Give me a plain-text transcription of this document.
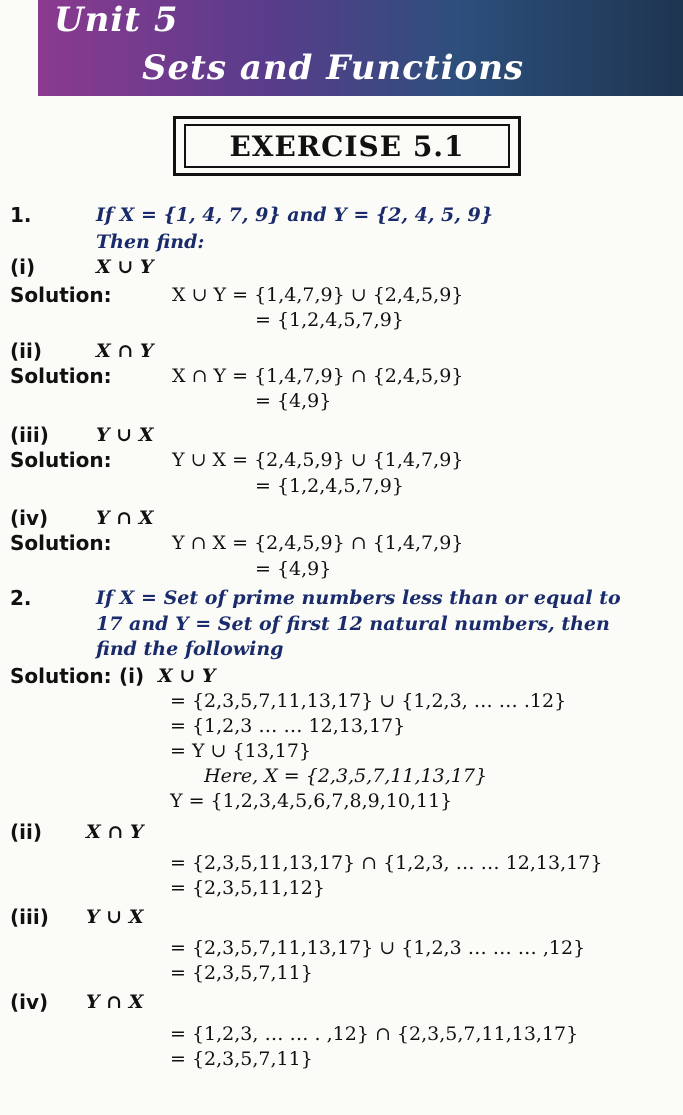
Unit 5
Sets and Functions
EXERCISE 5.1
1.	If X = {1, 4, 7, 9} and Y = {2, 4, 5, 9}
Then find:
(i)	X ∪ Y
Solution:	X ∪ Y = {1,4,7,9} ∪ {2,4,5,9}
= {1,2,4,5,7,9}
(ii)	X ∩ Y
Solution:	X ∩ Y = {1,4,7,9} ∩ {2,4,5,9}
= {4,9}
(iii) Y ∪ X
Solution:	Y ∪ X = {2,4,5,9} ∪ {1,4,7,9}
= {1,2,4,5,7,9}
(iv)	Y ∩ X
Solution:	Y ∩ X = {2,4,5,9} ∩ {1,4,7,9}
= {4,9}
2.	If X = Set of prime numbers less than or equal to
17 and Y = Set of first 12 natural numbers, then
find the following
Solution: (i) X ∪ Y
= {2,3,5,7,11,13,17} ∪ {1,2,3, … … .12}
= {1,2,3 … … 12,13,17}
= Y ∪ {13,17}
Here, X = {2,3,5,7,11,13,17}
Y = {1,2,3,4,5,6,7,8,9,10,11}
(ii) X ∩ Y
= {2,3,5,11,13,17} ∩ {1,2,3, … … 12,13,17}
= {2,3,5,11,12}
(iii) Y ∪ X
= {2,3,5,7,11,13,17} ∪ {1,2,3 … … … ,12}
= {2,3,5,7,11}
(iv) Y ∩ X
= {1,2,3, … … . ,12} ∩ {2,3,5,7,11,13,17}
= {2,3,5,7,11}
